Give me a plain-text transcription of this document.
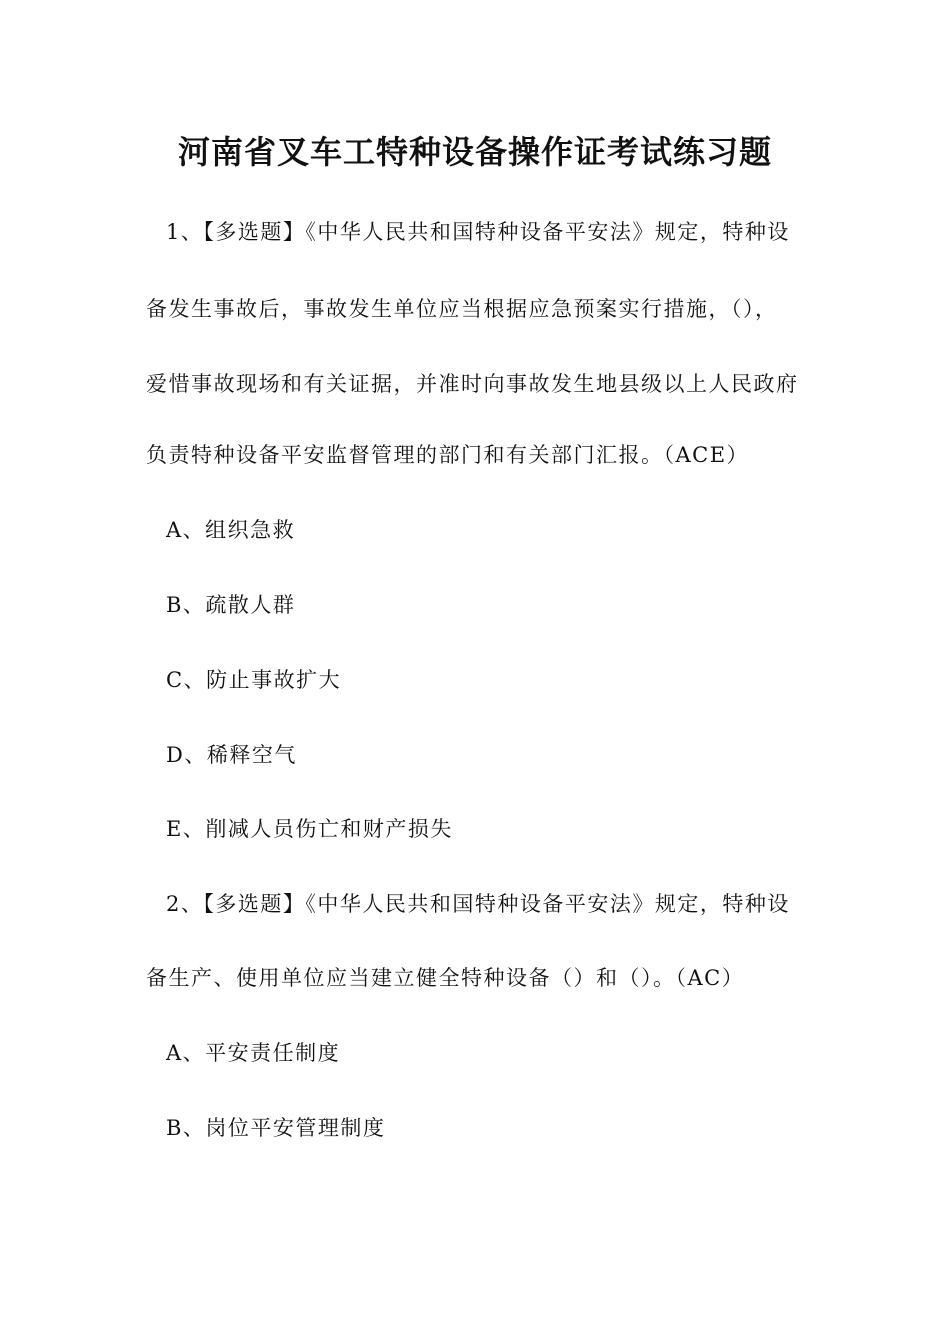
河南省叉车工特种设备操作证考试练习题
1、【多选题】《中华人民共和国特种设备平安法》规定，特种设
备发生事故后，事故发生单位应当根据应急预案实行措施，（），
爱惜事故现场和有关证据，并准时向事故发生地县级以上人民政府
负责特种设备平安监督管理的部门和有关部门汇报。（ACE）
A、组织急救
B、疏散人群
C、防止事故扩大
D、稀释空气
E、削减人员伤亡和财产损失
2、【多选题】《中华人民共和国特种设备平安法》规定，特种设
备生产、使用单位应当建立健全特种设备（）和（）。（AC）
A、平安责任制度
B、岗位平安管理制度
